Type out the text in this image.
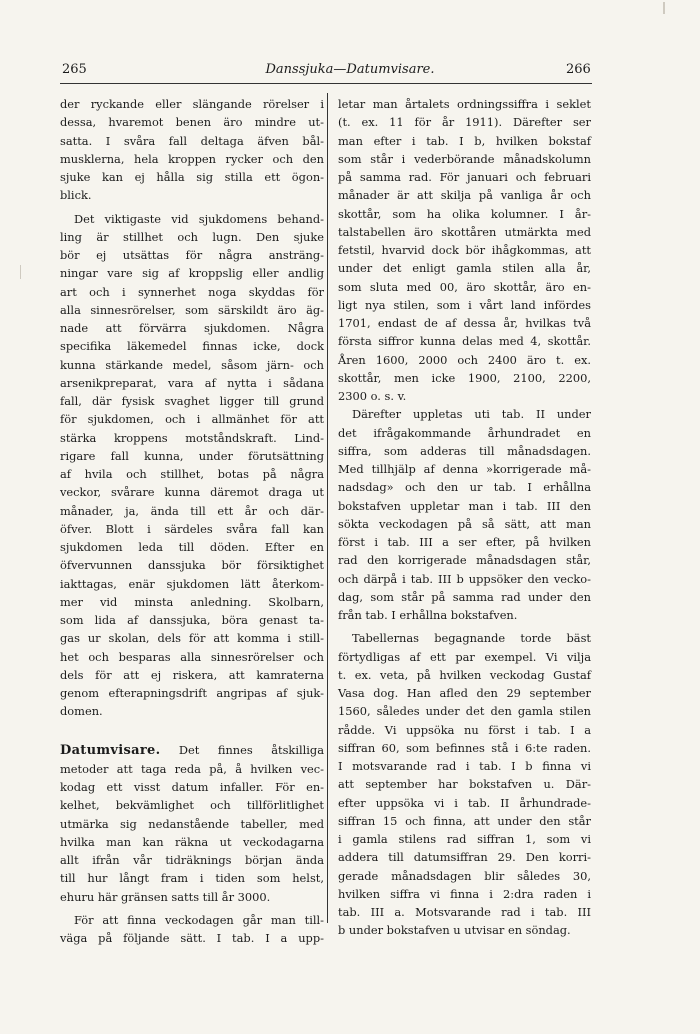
265	Danssjuka—Datumvisare.	266

der ryckande eller slängande rörelser i
dessa, hvaremot benen äro mindre ut-
satta. I svåra fall deltaga äfven bål-
musklerna, hela kroppen rycker och den
sjuke kan ej hålla sig stilla ett ögon-
blick.

Det viktigaste vid sjukdomens behand-
ling är stillhet och lugn. Den sjuke
bör ej utsättas för några ansträng-
ningar vare sig af kroppslig eller andlig
art och i synnerhet noga skyddas för
alla sinnesrörelser, som särskildt äro äg-
nade att förvärra sjukdomen. Några
specifika läkemedel finnas icke, dock
kunna stärkande medel, såsom järn- och
arsenikpreparat, vara af nytta i sådana
fall, där fysisk svaghet ligger till grund
för sjukdomen, och i allmänhet för att
stärka kroppens motståndskraft. Lind-
rigare fall kunna, under förutsättning
af hvila och stillhet, botas på några
veckor, svårare kunna däremot draga ut
månader, ja, ända till ett år och där-
öfver. Blott i särdeles svåra fall kan
sjukdomen leda till döden. Efter en
öfvervunnen danssjuka bör försiktighet
iakttagas, enär sjukdomen lätt återkom-
mer vid minsta anledning. Skolbarn,
som lida af danssjuka, böra genast ta-
gas ur skolan, dels för att komma i still-
het och besparas alla sinnesrörelser och
dels för att ej riskera, att kamraterna
genom efterapningsdrift angripas af sjuk-
domen.

Datumvisare. Det finnes åtskilliga
metoder att taga reda på, å hvilken vec-
kodag ett visst datum infaller. För en-
kelhet, bekvämlighet och tillförlitlighet
utmärka sig nedanstående tabeller, med
hvilka man kan räkna ut veckodagarna
allt ifrån vår tidräknings början ända
till hur långt fram i tiden som helst,
ehuru här gränsen satts till år 3000.

För att finna veckodagen går man till-
väga på följande sätt. I tab. I a upp-

letar man årtalets ordningssiffra i seklet
(t. ex. 11 för år 1911). Därefter ser
man efter i tab. I b, hvilken bokstaf
som står i vederbörande månadskolumn
på samma rad. För januari och februari
månader är att skilja på vanliga år och
skottår, som ha olika kolumner. I år-
talstabellen äro skottåren utmärkta med
fetstil, hvarvid dock bör ihågkommas, att
under det enligt gamla stilen alla år,
som sluta med 00, äro skottår, äro en-
ligt nya stilen, som i vårt land infördes
1701, endast de af dessa år, hvilkas två
första siffror kunna delas med 4, skottår.
Åren 1600, 2000 och 2400 äro t. ex.
skottår, men icke 1900, 2100, 2200,
2300 o. s. v.

Därefter uppletas uti tab. II under
det ifrågakommande århundradet en
siffra, som adderas till månadsdagen.
Med tillhjälp af denna »korrigerade må-
nadsdag» och den ur tab. I erhållna
bokstafven uppletar man i tab. III den
sökta veckodagen på så sätt, att man
först i tab. III a ser efter, på hvilken
rad den korrigerade månadsdagen står,
och därpå i tab. III b uppsöker den vecko-
dag, som står på samma rad under den
från tab. I erhållna bokstafven.

Tabellernas begagnande torde bäst
förtydligas af ett par exempel. Vi vilja
t. ex. veta, på hvilken veckodag Gustaf
Vasa dog. Han afled den 29 september
1560, således under det den gamla stilen
rådde. Vi uppsöka nu först i tab. I a
siffran 60, som befinnes stå i 6:te raden.
I motsvarande rad i tab. I b finna vi
att september har bokstafven u. Där-
efter uppsöka vi i tab. II århundrade-
siffran 15 och finna, att under den står
i gamla stilens rad siffran 1, som vi
addera till datumsiffran 29. Den korri-
gerade månadsdagen blir således 30,
hvilken siffra vi finna i 2:dra raden i
tab. III a. Motsvarande rad i tab. III
b under bokstafven u utvisar en söndag.
